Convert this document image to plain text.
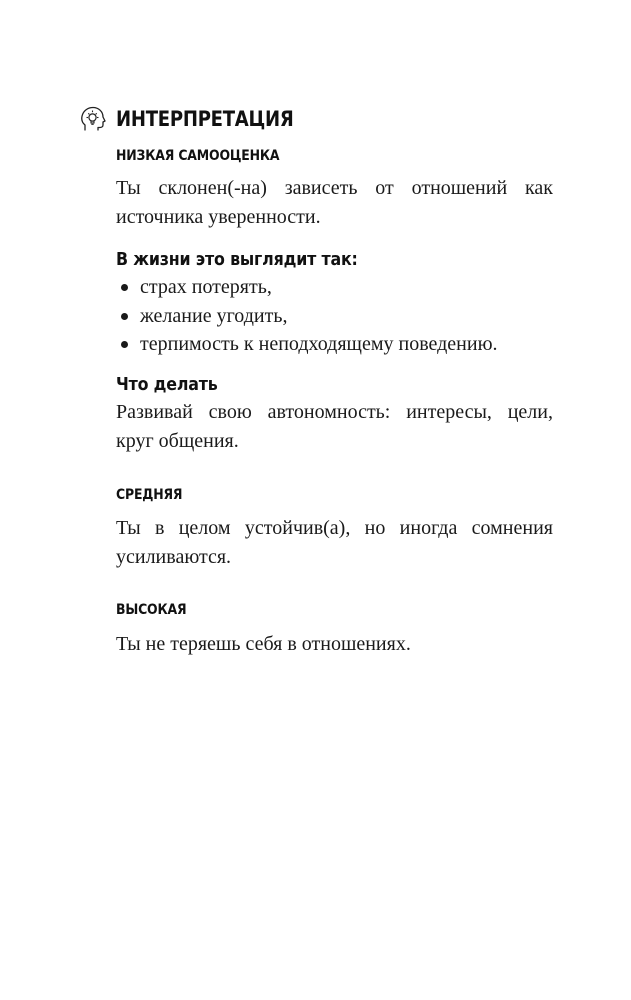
ИНТЕРПРЕТАЦИЯ
НИЗКАЯ САМООЦЕНКА

Ты склонен(-на) зависеть от отношений как
источника уверенности.

В жизни это выглядит так:
страх потерять,
желание угодить,
терпимость к неподходящему поведению.
Что делать

Развивай свою автономность: интересы, цели,
круг общения.

СРЕДНЯЯ

Ты в целом устойчив(а), но иногда сомнения
усиливаются.

ВЫСОКАЯ

Ты не теряешь себя в отношениях.
